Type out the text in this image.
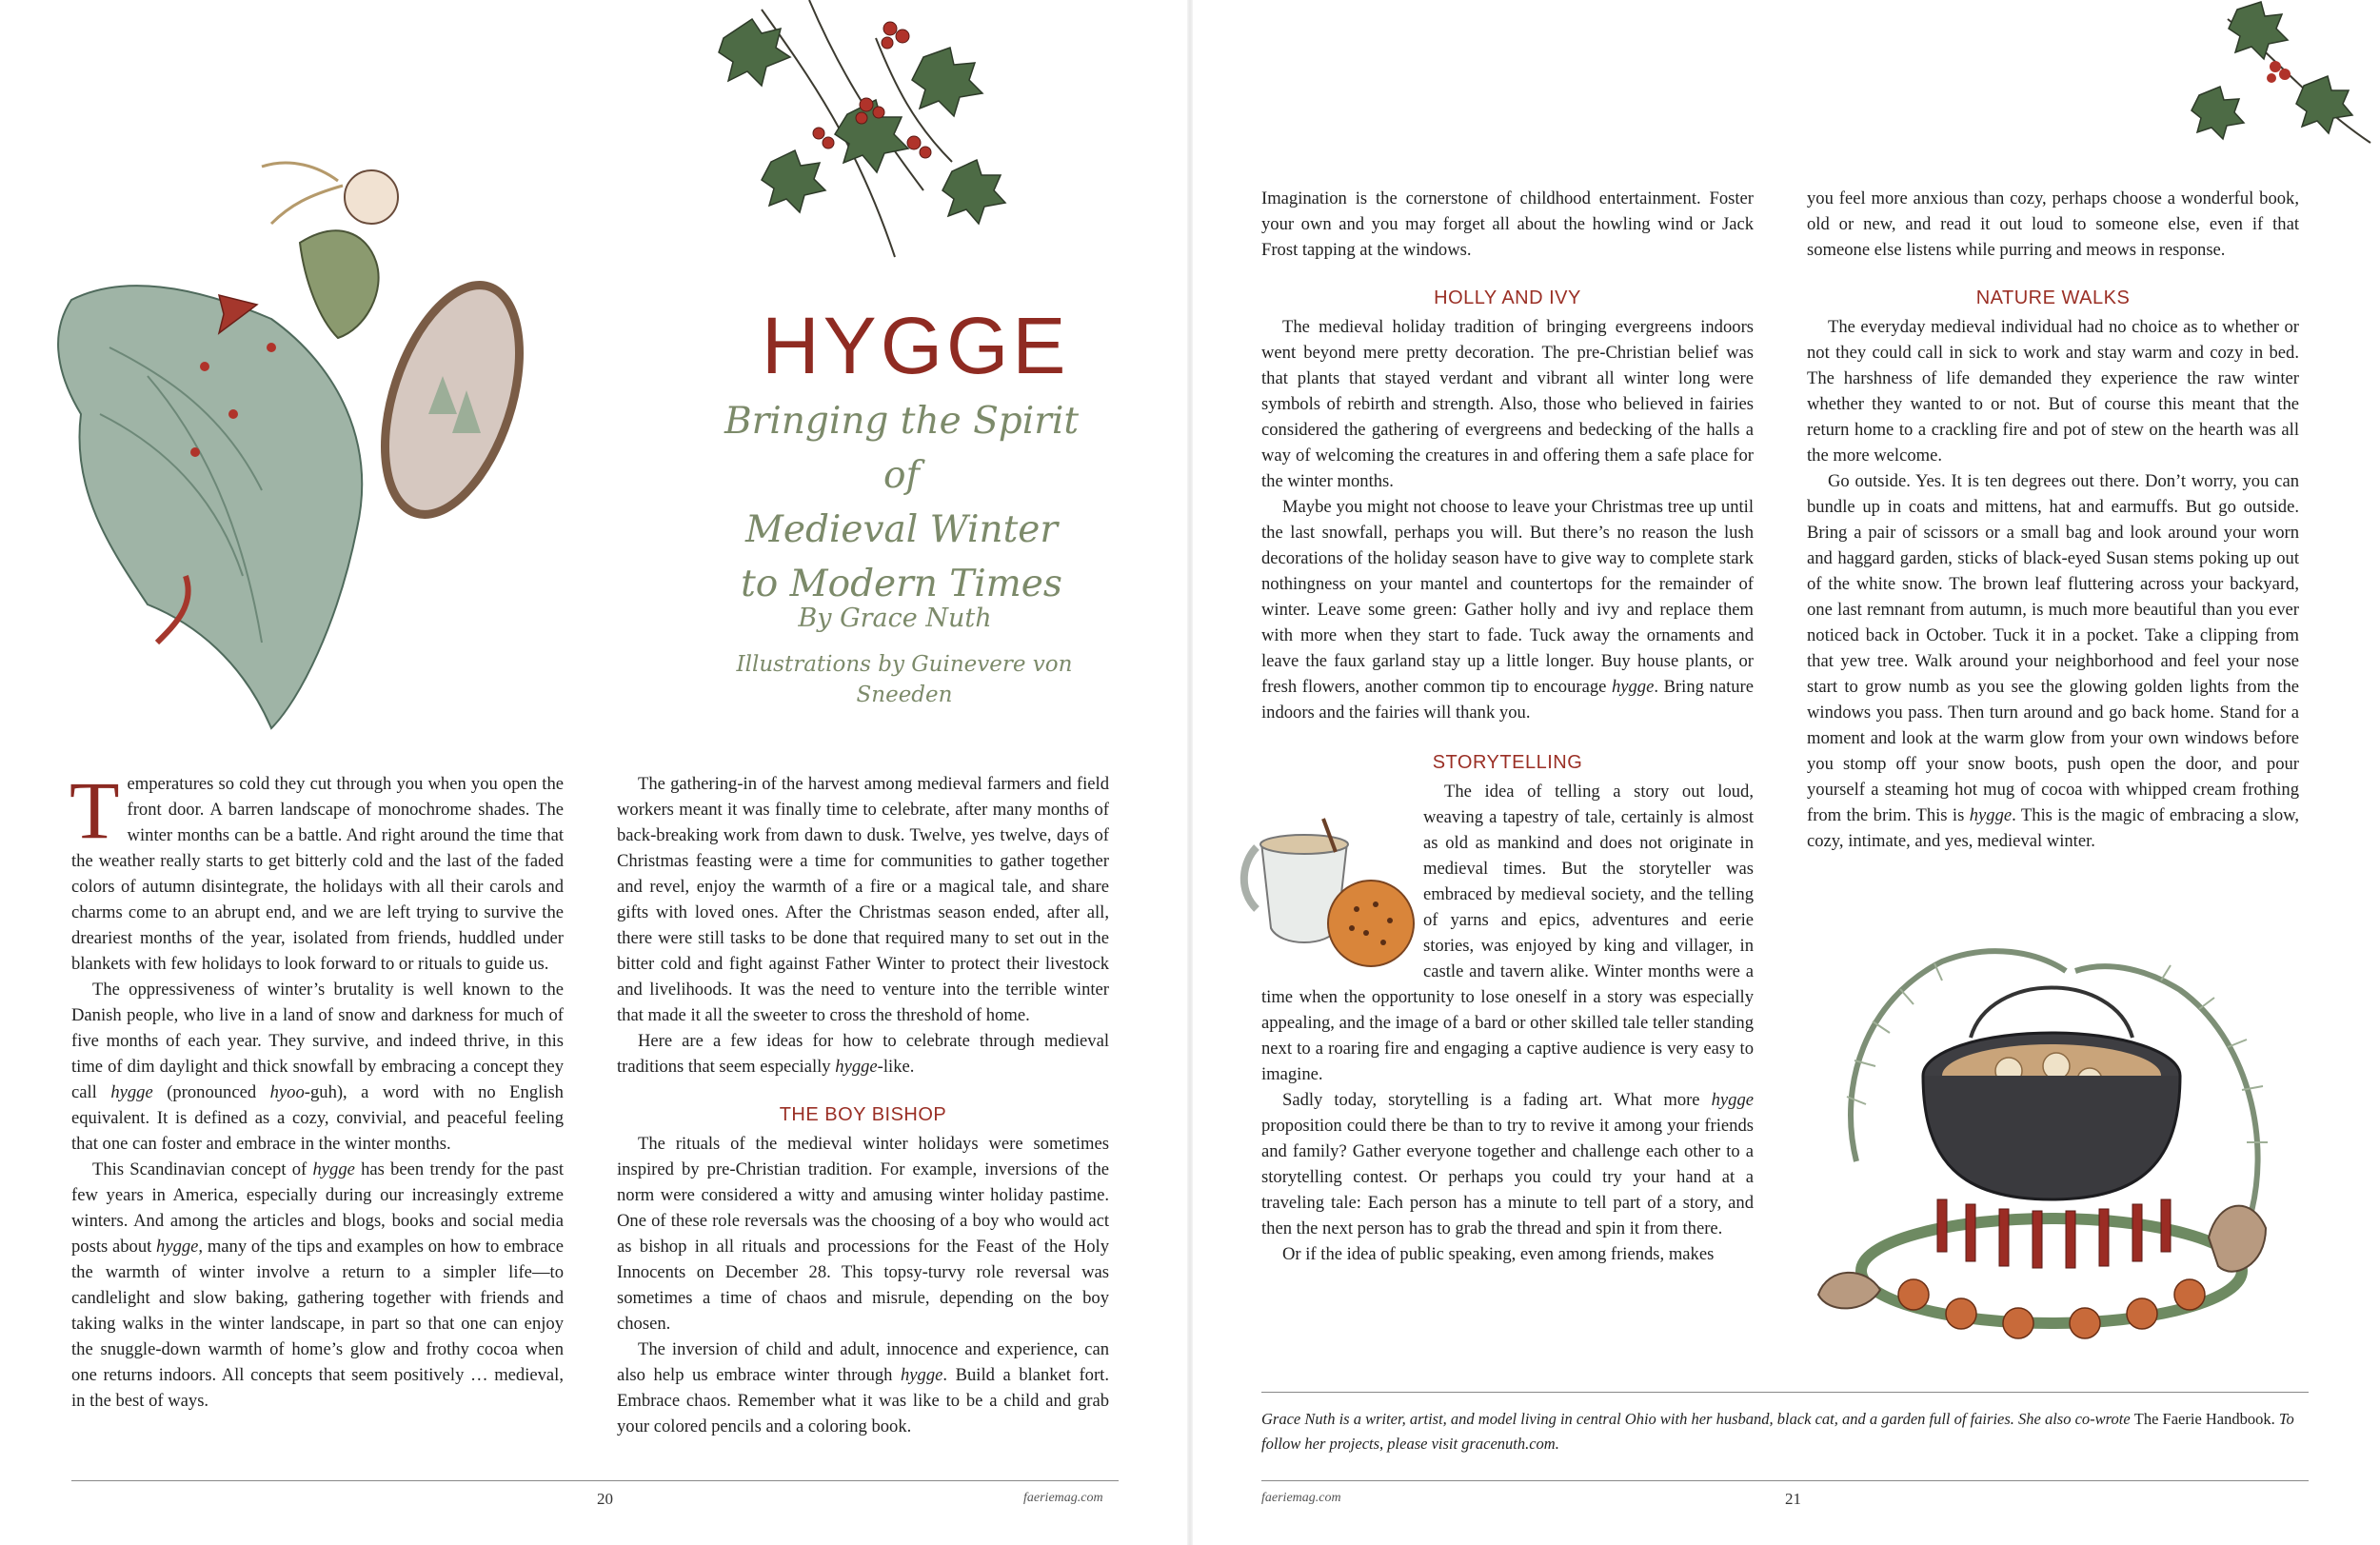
HYGGE
Bringing the Spirit of
Medieval Winter
to Modern Times
By Grace Nuth
Illustrations by Guinevere von Sneeden

Temperatures so cold they cut through you when you open the front door. A barren landscape of monochrome shades. The winter months can be a battle. And right around the time that the weather really starts to get bitterly cold and the last of the faded colors of autumn disintegrate, the holidays with all their carols and charms come to an abrupt end, and we are left trying to survive the dreariest months of the year, isolated from friends, huddled under blankets with few holidays to look forward to or rituals to guide us.

The oppressiveness of winter’s brutality is well known to the Danish people, who live in a land of snow and darkness for much of five months of each year. They survive, and indeed thrive, in this time of dim daylight and thick snowfall by embracing a concept they call hygge (pronounced hyoo-guh), a word with no English equivalent. It is defined as a cozy, convivial, and peaceful feeling that one can foster and embrace in the winter months.

This Scandinavian concept of hygge has been trendy for the past few years in America, especially during our increasingly extreme winters. And among the articles and blogs, books and social media posts about hygge, many of the tips and examples on how to embrace the warmth of winter involve a return to a simpler life—to candlelight and slow baking, gathering together with friends and taking walks in the winter landscape, in part so that one can enjoy the snuggle-down warmth of home’s glow and frothy cocoa when one returns indoors. All concepts that seem positively … medieval, in the best of ways.

The gathering-in of the harvest among medieval farmers and field workers meant it was finally time to celebrate, after many months of back-breaking work from dawn to dusk. Twelve, yes twelve, days of Christmas feasting were a time for communities to gather together and revel, enjoy the warmth of a fire or a magical tale, and share gifts with loved ones. After the Christmas season ended, after all, there were still tasks to be done that required many to set out in the bitter cold and fight against Father Winter to protect their livestock and livelihoods. It was the need to venture into the terrible winter that made it all the sweeter to cross the threshold of home.

Here are a few ideas for how to celebrate through medieval traditions that seem especially hygge-like.

THE BOY BISHOP

The rituals of the medieval winter holidays were sometimes inspired by pre-Christian tradition. For example, inversions of the norm were considered a witty and amusing winter holiday pastime. One of these role reversals was the choosing of a boy who would act as bishop in all rituals and processions for the Feast of the Holy Innocents on December 28. This topsy-turvy role reversal was sometimes a time of chaos and misrule, depending on the boy chosen.

The inversion of child and adult, innocence and experience, can also help us embrace winter through hygge. Build a blanket fort. Embrace chaos. Remember what it was like to be a child and grab your colored pencils and a coloring book.

20	faeriemag.com

Imagination is the cornerstone of childhood entertainment. Foster your own and you may forget all about the howling wind or Jack Frost tapping at the windows.

HOLLY AND IVY

The medieval holiday tradition of bringing evergreens indoors went beyond mere pretty decoration. The pre-Christian belief was that plants that stayed verdant and vibrant all winter long were symbols of rebirth and strength. Also, those who believed in fairies considered the gathering of evergreens and bedecking of the halls a way of welcoming the creatures in and offering them a safe place for the winter months.

Maybe you might not choose to leave your Christmas tree up until the last snowfall, perhaps you will. But there’s no reason the lush decorations of the holiday season have to give way to complete stark nothingness on your mantel and countertops for the remainder of winter. Leave some green: Gather holly and ivy and replace them with more when they start to fade. Tuck away the ornaments and leave the faux garland stay up a little longer. Buy house plants, or fresh flowers, another common tip to encourage hygge. Bring nature indoors and the fairies will thank you.

STORYTELLING

The idea of telling a story out loud, weaving a tapestry of tale, certainly is almost as old as mankind and does not originate in medieval times. But the storyteller was embraced by medieval society, and the telling of yarns and epics, adventures and eerie stories, was enjoyed by king and villager, in castle and tavern alike. Winter months were a time when the opportunity to lose oneself in a story was especially appealing, and the image of a bard or other skilled tale teller standing next to a roaring fire and engaging a captive audience is very easy to imagine.

Sadly today, storytelling is a fading art. What more hygge proposition could there be than to try to revive it among your friends and family? Gather everyone together and challenge each other to a storytelling contest. Or perhaps you could try your hand at a traveling tale: Each person has a minute to tell part of a story, and then the next person has to grab the thread and spin it from there.

Or if the idea of public speaking, even among friends, makes

you feel more anxious than cozy, perhaps choose a wonderful book, old or new, and read it out loud to someone else, even if that someone else listens while purring and meows in response.

NATURE WALKS

The everyday medieval individual had no choice as to whether or not they could call in sick to work and stay warm and cozy in bed. The harshness of life demanded they experience the raw winter whether they wanted to or not. But of course this meant that the return home to a crackling fire and pot of stew on the hearth was all the more welcome.

Go outside. Yes. It is ten degrees out there. Don’t worry, you can bundle up in coats and mittens, hat and earmuffs. But go outside. Bring a pair of scissors or a small bag and look around your worn and haggard garden, sticks of black-eyed Susan stems poking up out of the white snow. The brown leaf fluttering across your backyard, one last remnant from autumn, is much more beautiful than you ever noticed back in October. Tuck it in a pocket. Take a clipping from that yew tree. Walk around your neighborhood and feel your nose start to grow numb as you see the glowing golden lights from the windows you pass. Then turn around and go back home. Stand for a moment and look at the warm glow from your own windows before you stomp off your snow boots, push open the door, and pour yourself a steaming hot mug of cocoa with whipped cream frothing from the brim. This is hygge. This is the magic of embracing a slow, cozy, intimate, and yes, medieval winter.

Grace Nuth is a writer, artist, and model living in central Ohio with her husband, black cat, and a garden full of fairies. She also co-wrote The Faerie Handbook. To follow her projects, please visit gracenuth.com.
faeriemag.com	21
